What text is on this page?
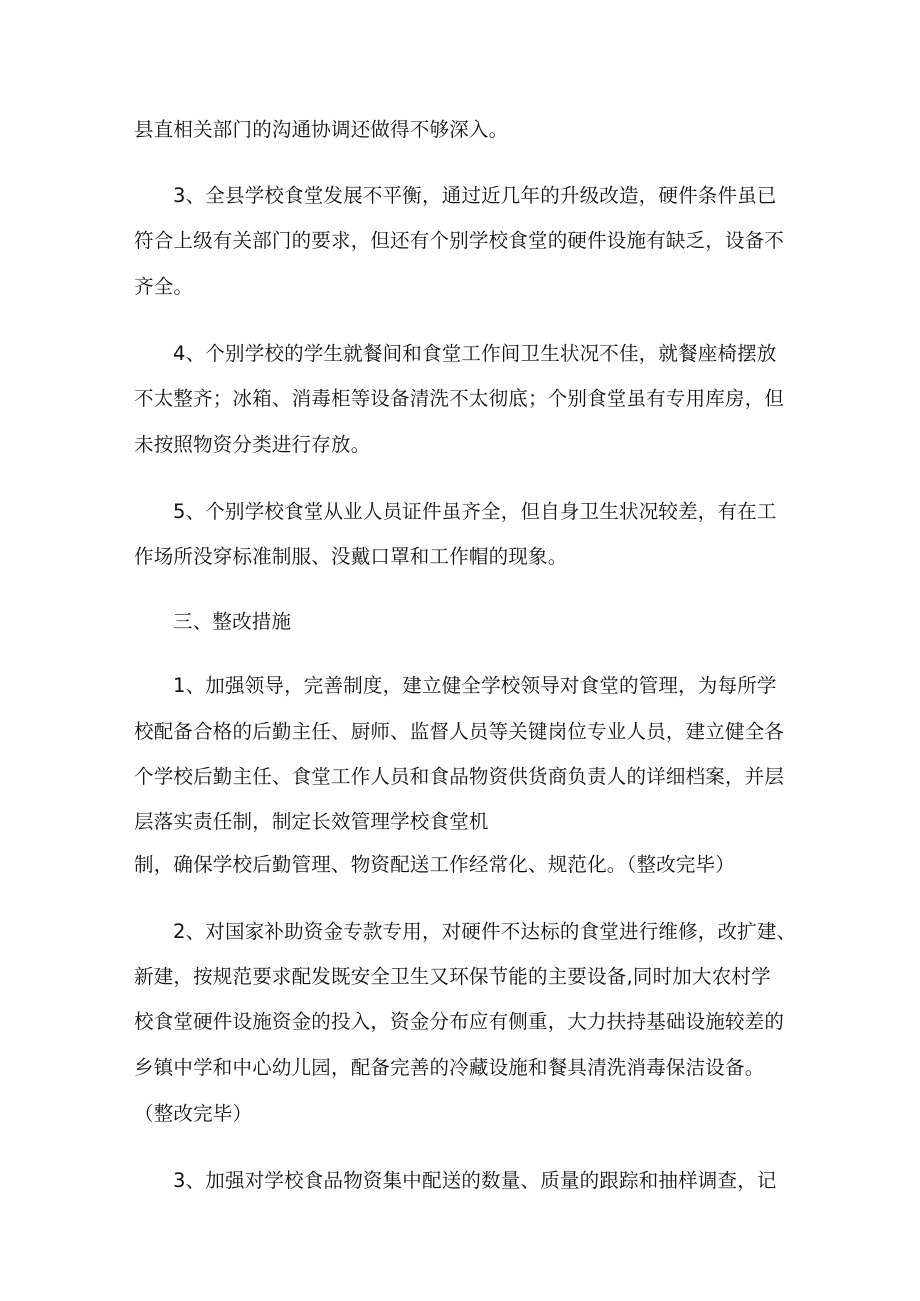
县直相关部门的沟通协调还做得不够深入。
3、全县学校食堂发展不平衡，通过近几年的升级改造，硬件条件虽已
符合上级有关部门的要求，但还有个别学校食堂的硬件设施有缺乏，设备不
齐全。
4、个别学校的学生就餐间和食堂工作间卫生状况不佳，就餐座椅摆放
不太整齐；冰箱、消毒柜等设备清洗不太彻底；个别食堂虽有专用库房，但
未按照物资分类进行存放。
5、个别学校食堂从业人员证件虽齐全，但自身卫生状况较差，有在工
作场所没穿标准制服、没戴口罩和工作帽的现象。
三、整改措施
1、加强领导，完善制度，建立健全学校领导对食堂的管理，为每所学
校配备合格的后勤主任、厨师、监督人员等关键岗位专业人员，建立健全各
个学校后勤主任、食堂工作人员和食品物资供货商负责人的详细档案，并层
层落实责任制，制定长效管理学校食堂机
制，确保学校后勤管理、物资配送工作经常化、规范化。（整改完毕）
2、对国家补助资金专款专用，对硬件不达标的食堂进行维修，改扩建、
新建，按规范要求配发既安全卫生又环保节能的主要设备,同时加大农村学
校食堂硬件设施资金的投入，资金分布应有侧重，大力扶持基础设施较差的
乡镇中学和中心幼儿园，配备完善的冷藏设施和餐具清洗消毒保洁设备。
（整改完毕）
3、加强对学校食品物资集中配送的数量、质量的跟踪和抽样调查，记
